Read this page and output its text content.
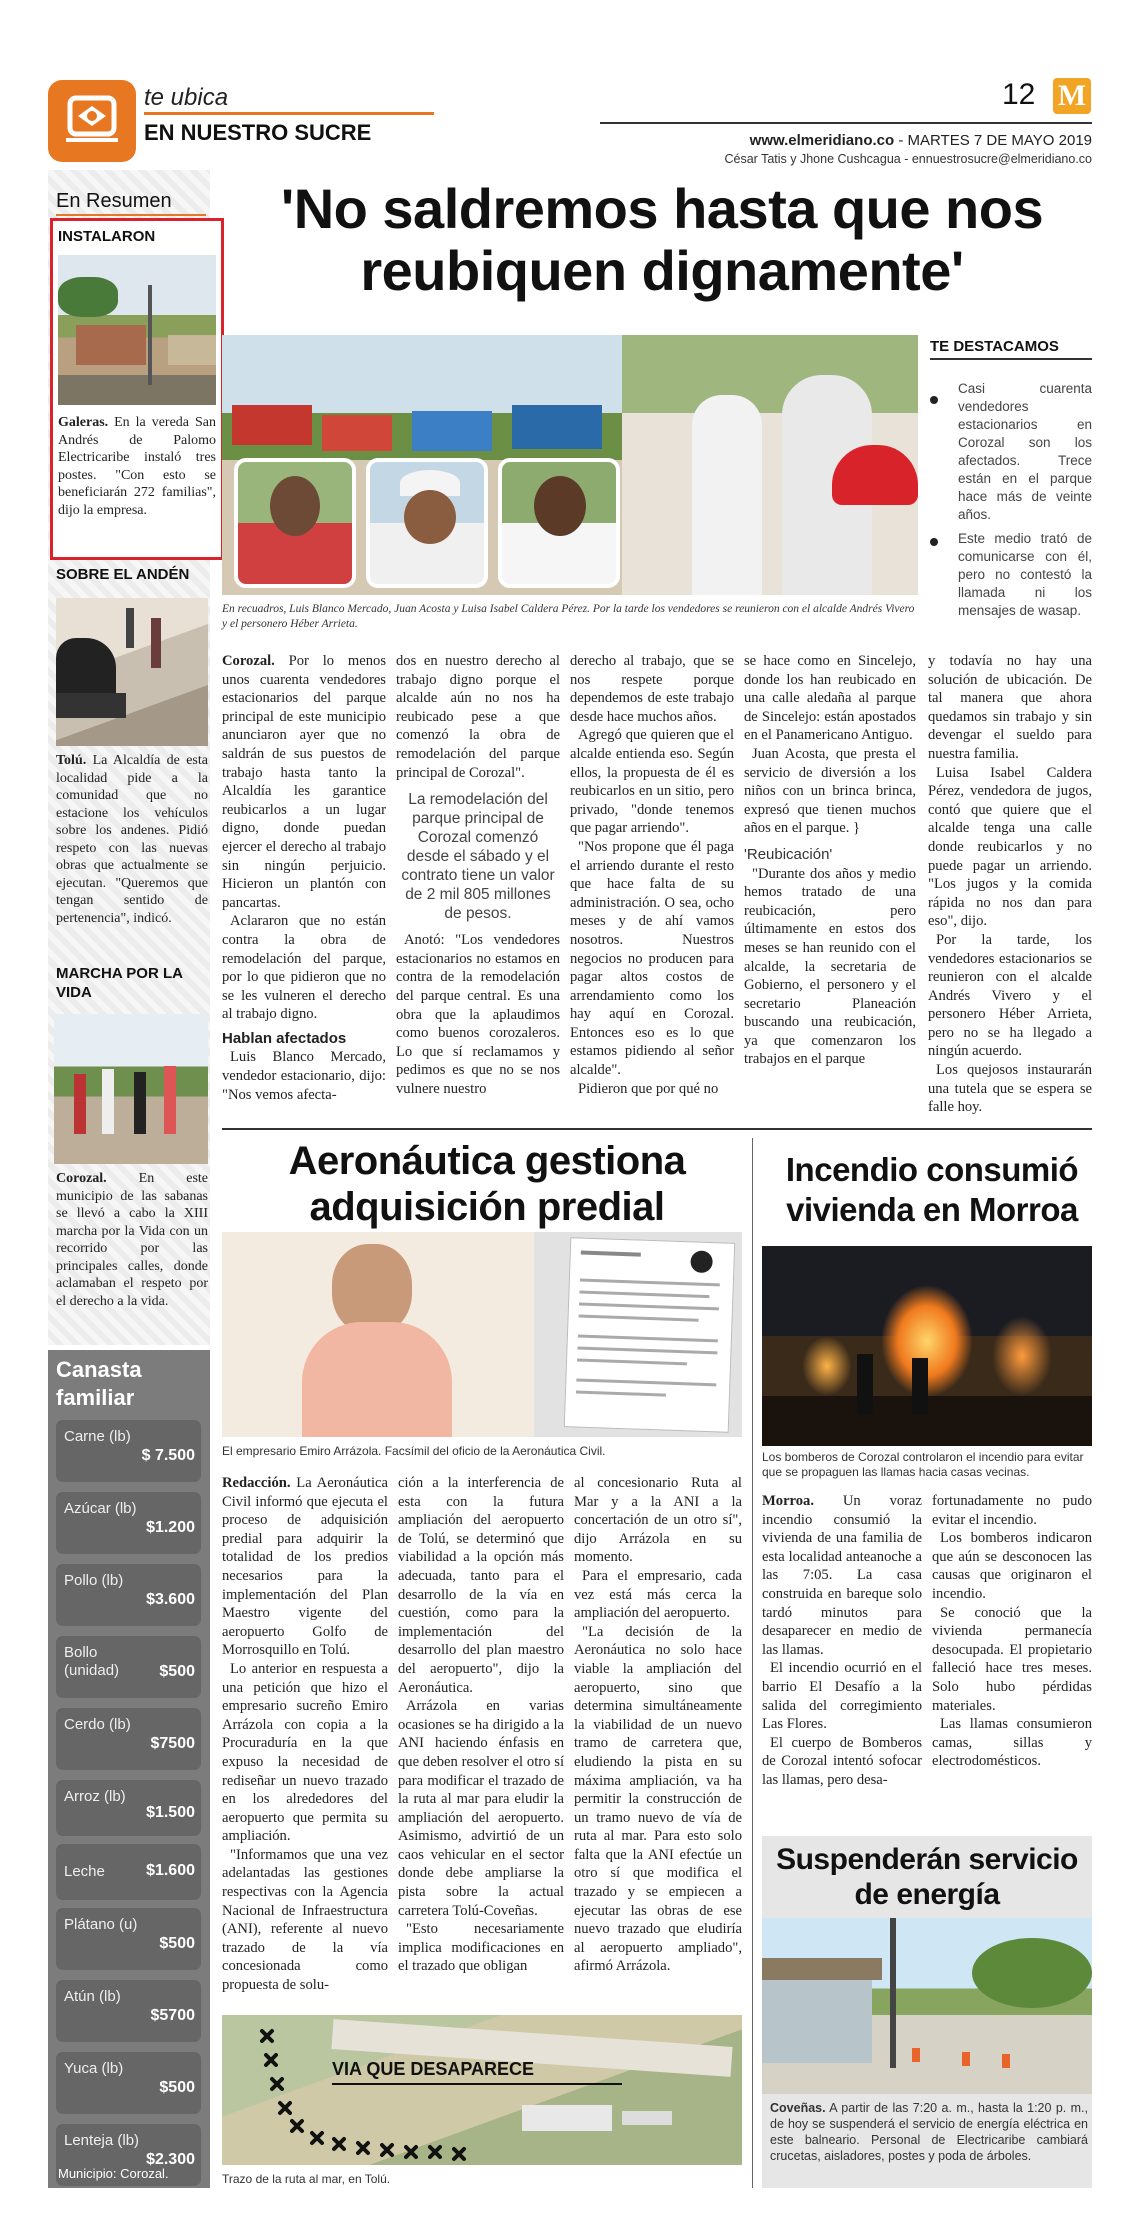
te ubica
EN NUESTRO SUCRE
12 M
www.elmeridiano.co - MARTES 7 DE MAYO 2019
César Tatis y Jhone Cushcagua - ennuestrosucre@elmeridiano.co
En Resumen
INSTALARON
Galeras. En la vereda San Andrés de Palomo Electricaribe instaló tres postes. "Con esto se beneficiarán 272 familias", dijo la empresa.
SOBRE EL ANDÉN
Tolú. La Alcaldía de esta localidad pide a la comunidad que no estacione los vehículos sobre los andenes. Pidió respeto con las nuevas obras que actualmente se ejecutan. "Queremos que tengan sentido de pertenencia", indicó.
MARCHA POR LA VIDA
Corozal. En este municipio de las sabanas se llevó a cabo la XIII marcha por la Vida con un recorrido por las principales calles, donde aclamaban el respeto por el derecho a la vida.
Canasta familiar
Carne (lb)
$ 7.500
Azúcar (lb)
$1.200
Pollo (lb)
$3.600
Bollo (unidad)	$500
Cerdo (lb)
$7500
Arroz (lb)
$1.500
Leche	$1.600
Plátano (u)
$500
Atún (lb)
$5700
Yuca (lb)
$500
Lenteja (lb)
$2.300
Municipio: Corozal.
'No saldremos hasta que nos reubiquen dignamente'
En recuadros, Luis Blanco Mercado, Juan Acosta y Luisa Isabel Caldera Pérez. Por la tarde los vendedores se reunieron con el alcalde Andrés Vivero y el personero Héber Arrieta.
TE DESTACAMOS
Casi cuarenta vendedores estacionarios en Corozal son los afectados. Trece están en el parque hace más de veinte años.
Este medio trató de comunicarse con él, pero no contestó la llamada ni los mensajes de wasap.

Corozal. Por lo menos unos cuarenta vendedores estacionarios del parque principal de este municipio anunciaron ayer que no saldrán de sus puestos de trabajo hasta tanto la Alcaldía les garantice reubicarlos a un lugar digno, donde puedan ejercer el derecho al trabajo sin ningún perjuicio. Hicieron un plantón con pancartas.

Aclararon que no están contra la obra de remodelación del parque, por lo que pidieron que no se les vulneren el derecho al trabajo digno.

Hablan afectados

Luis Blanco Mercado, vendedor estacionario, dijo: "Nos vemos afecta-

dos en nuestro derecho al trabajo digno porque el alcalde aún no nos ha reubicado pese a que comenzó la obra de remodelación del parque principal de Corozal".

La remodelación del parque principal de Corozal comenzó desde el sábado y el contrato tiene un valor de 2 mil 805 millones de pesos.

Anotó: "Los vendedores estacionarios no estamos en contra de la remodelación del parque central. Es una obra que la aplaudimos como buenos corozaleros. Lo que sí reclamamos y pedimos es que no se nos vulnere nuestro

derecho al trabajo, que se nos respete porque dependemos de este trabajo desde hace muchos años.

Agregó que quieren que el alcalde entienda eso. Según ellos, la propuesta de él es reubicarlos en un sitio, pero privado, "donde tenemos que pagar arriendo".

"Nos propone que él paga el arriendo durante el resto que hace falta de su administración. O sea, ocho meses y de ahí vamos nosotros. Nuestros negocios no producen para pagar altos costos de arrendamiento como los hay aquí en Corozal. Entonces eso es lo que estamos pidiendo al señor alcalde".

Pidieron que por qué no

se hace como en Sincelejo, donde los han reubicado en una calle aledaña al parque de Sincelejo: están apostados en el Panamericano Antiguo.

Juan Acosta, que presta el servicio de diversión a los niños con un brinca brinca, expresó que tienen muchos años en el parque. }

'Reubicación'

"Durante dos años y medio hemos tratado de una reubicación, pero últimamente en estos dos meses se han reunido con el alcalde, la secretaria de Gobierno, el personero y el secretario Planeación buscando una reubicación, ya que comenzaron los trabajos en el parque

y todavía no hay una solución de ubicación. De tal manera que ahora quedamos sin trabajo y sin devengar el sueldo para nuestra familia.

Luisa Isabel Caldera Pérez, vendedora de jugos, contó que quiere que el alcalde tenga una calle donde reubicarlos y no puede pagar un arriendo. "Los jugos y la comida rápida no nos dan para eso", dijo.

Por la tarde, los vendedores estacionarios se reunieron con el alcalde Andrés Vivero y el personero Héber Arrieta, pero no se ha llegado a ningún acuerdo.

Los quejosos instaurarán una tutela que se espera se falle hoy.

Aeronáutica gestiona adquisición predial
El empresario Emiro Arrázola. Facsímil del oficio de la Aeronáutica Civil.

Redacción. La Aeronáutica Civil informó que ejecuta el proceso de adquisición predial para adquirir la totalidad de los predios necesarios para la implementación del Plan Maestro vigente del aeropuerto Golfo de Morrosquillo en Tolú.

Lo anterior en respuesta a una petición que hizo el empresario sucreño Emiro Arrázola con copia a la Procuraduría en la que expuso la necesidad de rediseñar un nuevo trazado en los alrededores del aeropuerto que permita su ampliación.

"Informamos que una vez adelantadas las gestiones respectivas con la Agencia Nacional de Infraestructura (ANI), referente al nuevo trazado de la vía concesionada como propuesta de solu-

ción a la interferencia de esta con la futura ampliación del aeropuerto de Tolú, se determinó que viabilidad a la opción más adecuada, tanto para el desarrollo de la vía en cuestión, como para la implementación del desarrollo del plan maestro del aeropuerto", dijo la Aeronáutica.

Arrázola en varias ocasiones se ha dirigido a la ANI haciendo énfasis en que deben resolver el otro sí para modificar el trazado de la ruta al mar para eludir la ampliación del aeropuerto. Asimismo, advirtió de un caos vehicular en el sector donde debe ampliarse la pista sobre la actual carretera Tolú-Coveñas.

"Esto necesariamente implica modificaciones en el trazado que obligan

al concesionario Ruta al Mar y a la ANI a la concertación de un otro sí", dijo Arrázola en su momento.

Para el empresario, cada vez está más cerca la ampliación del aeropuerto.

"La decisión de la Aeronáutica no solo hace viable la ampliación del aeropuerto, sino que determina simultáneamente la viabilidad de un nuevo tramo de carretera que, eludiendo la pista en su máxima ampliación, va ha permitir la construcción de un tramo nuevo de vía de ruta al mar. Para esto solo falta que la ANI efectúe un otro sí que modifica el trazado y se empiecen a ejecutar las obras de ese nuevo trazado que eludiría al aeropuerto ampliado", afirmó Arrázola.

VIA QUE DESAPARECE
Trazo de la ruta al mar, en Tolú.
Incendio consumió vivienda en Morroa
Los bomberos de Corozal controlaron el incendio para evitar que se propaguen las llamas hacia casas vecinas.

Morroa. Un voraz incendio consumió la vivienda de una familia de esta localidad anteanoche a las 7:05. La casa construida en bareque solo tardó minutos para desaparecer en medio de las llamas.

El incendio ocurrió en el barrio El Desafío a la salida del corregimiento Las Flores.

El cuerpo de Bomberos de Corozal intentó sofocar las llamas, pero desa-

fortunadamente no pudo evitar el incendio.

Los bomberos indicaron que aún se desconocen las causas que originaron el incendio.

Se conoció que la vivienda permanecía desocupada. El propietario falleció hace tres meses. Solo hubo pérdidas materiales.

Las llamas consumieron camas, sillas y electrodomésticos.

Suspenderán servicio de energía
Coveñas. A partir de las 7:20 a. m., hasta la 1:20 p. m., de hoy se suspenderá el servicio de energía eléctrica en este balneario. Personal de Electricaribe cambiará crucetas, aisladores, postes y poda de árboles.
